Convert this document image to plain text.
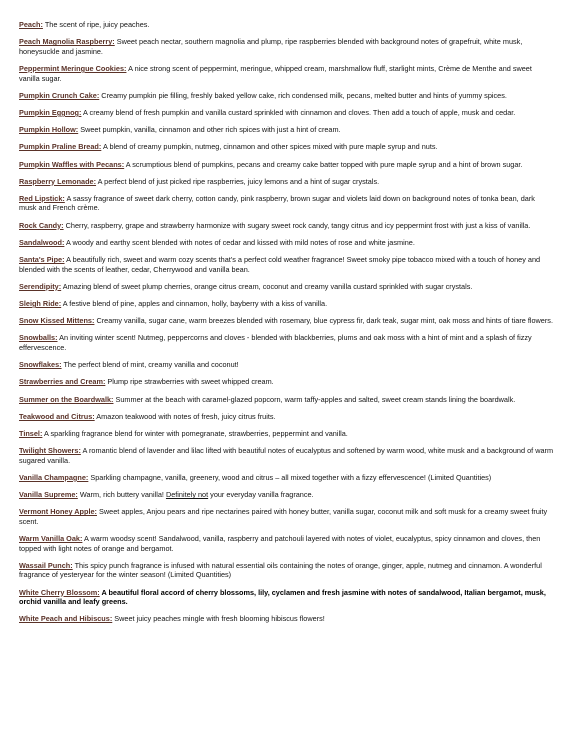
Peach: The scent of ripe, juicy peaches.

Peach Magnolia Raspberry: Sweet peach nectar, southern magnolia and plump, ripe raspberries blended with background notes of grapefruit, white musk, honeysuckle and jasmine.

Peppermint Meringue Cookies: A nice strong scent of peppermint, meringue, whipped cream, marshmallow fluff, starlight mints, Crème de Menthe and sweet vanilla sugar.

Pumpkin Crunch Cake: Creamy pumpkin pie filling, freshly baked yellow cake, rich condensed milk, pecans, melted butter and hints of yummy spices.

Pumpkin Eggnog: A creamy blend of fresh pumpkin and vanilla custard sprinkled with cinnamon and cloves. Then add a touch of apple, musk and cedar.

Pumpkin Hollow: Sweet pumpkin, vanilla, cinnamon and other rich spices with just a hint of cream.

Pumpkin Praline Bread: A blend of creamy pumpkin, nutmeg, cinnamon and other spices mixed with pure maple syrup and nuts.

Pumpkin Waffles with Pecans: A scrumptious blend of pumpkins, pecans and creamy cake batter topped with pure maple syrup and a hint of brown sugar.

Raspberry Lemonade: A perfect blend of just picked ripe raspberries, juicy lemons and a hint of sugar crystals.

Red Lipstick: A sassy fragrance of sweet dark cherry, cotton candy, pink raspberry, brown sugar and violets laid down on background notes of tonka bean, dark musk and French crème.

Rock Candy: Cherry, raspberry, grape and strawberry harmonize with sugary sweet rock candy, tangy citrus and icy peppermint frost with just a kiss of vanilla.

Sandalwood: A woody and earthy scent blended with notes of cedar and kissed with mild notes of rose and white jasmine.

Santa's Pipe: A beautifully rich, sweet and warm cozy scents that's a perfect cold weather fragrance! Sweet smoky pipe tobacco mixed with a touch of honey and blended with the scents of leather, cedar, Cherrywood and vanilla bean.

Serendipity: Amazing blend of sweet plump cherries, orange citrus cream, coconut and creamy vanilla custard sprinkled with sugar crystals.

Sleigh Ride: A festive blend of pine, apples and cinnamon, holly, bayberry with a kiss of vanilla.

Snow Kissed Mittens: Creamy vanilla, sugar cane, warm breezes blended with rosemary, blue cypress fir, dark teak, sugar mint, oak moss and hints of tiare flowers.

Snowballs: An inviting winter scent! Nutmeg, peppercorns and cloves - blended with blackberries, plums and oak moss with a hint of mint and a splash of fizzy effervescence.

Snowflakes: The perfect blend of mint, creamy vanilla and coconut!

Strawberries and Cream: Plump ripe strawberries with sweet whipped cream.

Summer on the Boardwalk: Summer at the beach with caramel-glazed popcorn, warm taffy-apples and salted, sweet cream stands lining the boardwalk.

Teakwood and Citrus: Amazon teakwood with notes of fresh, juicy citrus fruits.

Tinsel: A sparkling fragrance blend for winter with pomegranate, strawberries, peppermint and vanilla.

Twilight Showers: A romantic blend of lavender and lilac lifted with beautiful notes of eucalyptus and softened by warm wood, white musk and a background of warm sugared vanilla.

Vanilla Champagne: Sparkling champagne, vanilla, greenery, wood and citrus – all mixed together with a fizzy effervescence! (Limited Quantities)

Vanilla Supreme: Warm, rich buttery vanilla! Definitely not your everyday vanilla fragrance.

Vermont Honey Apple: Sweet apples, Anjou pears and ripe nectarines paired with honey butter, vanilla sugar, coconut milk and soft musk for a creamy sweet fruity scent.

Warm Vanilla Oak: A warm woodsy scent! Sandalwood, vanilla, raspberry and patchouli layered with notes of violet, eucalyptus, spicy cinnamon and cloves, then topped with light notes of orange and bergamot.

Wassail Punch: This spicy punch fragrance is infused with natural essential oils containing the notes of orange, ginger, apple, nutmeg and cinnamon. A wonderful fragrance of yesteryear for the winter season! (Limited Quantities)

White Cherry Blossom: A beautiful floral accord of cherry blossoms, lily, cyclamen and fresh jasmine with notes of sandalwood, Italian bergamot, musk, orchid vanilla and leafy greens.

White Peach and Hibiscus: Sweet juicy peaches mingle with fresh blooming hibiscus flowers!
